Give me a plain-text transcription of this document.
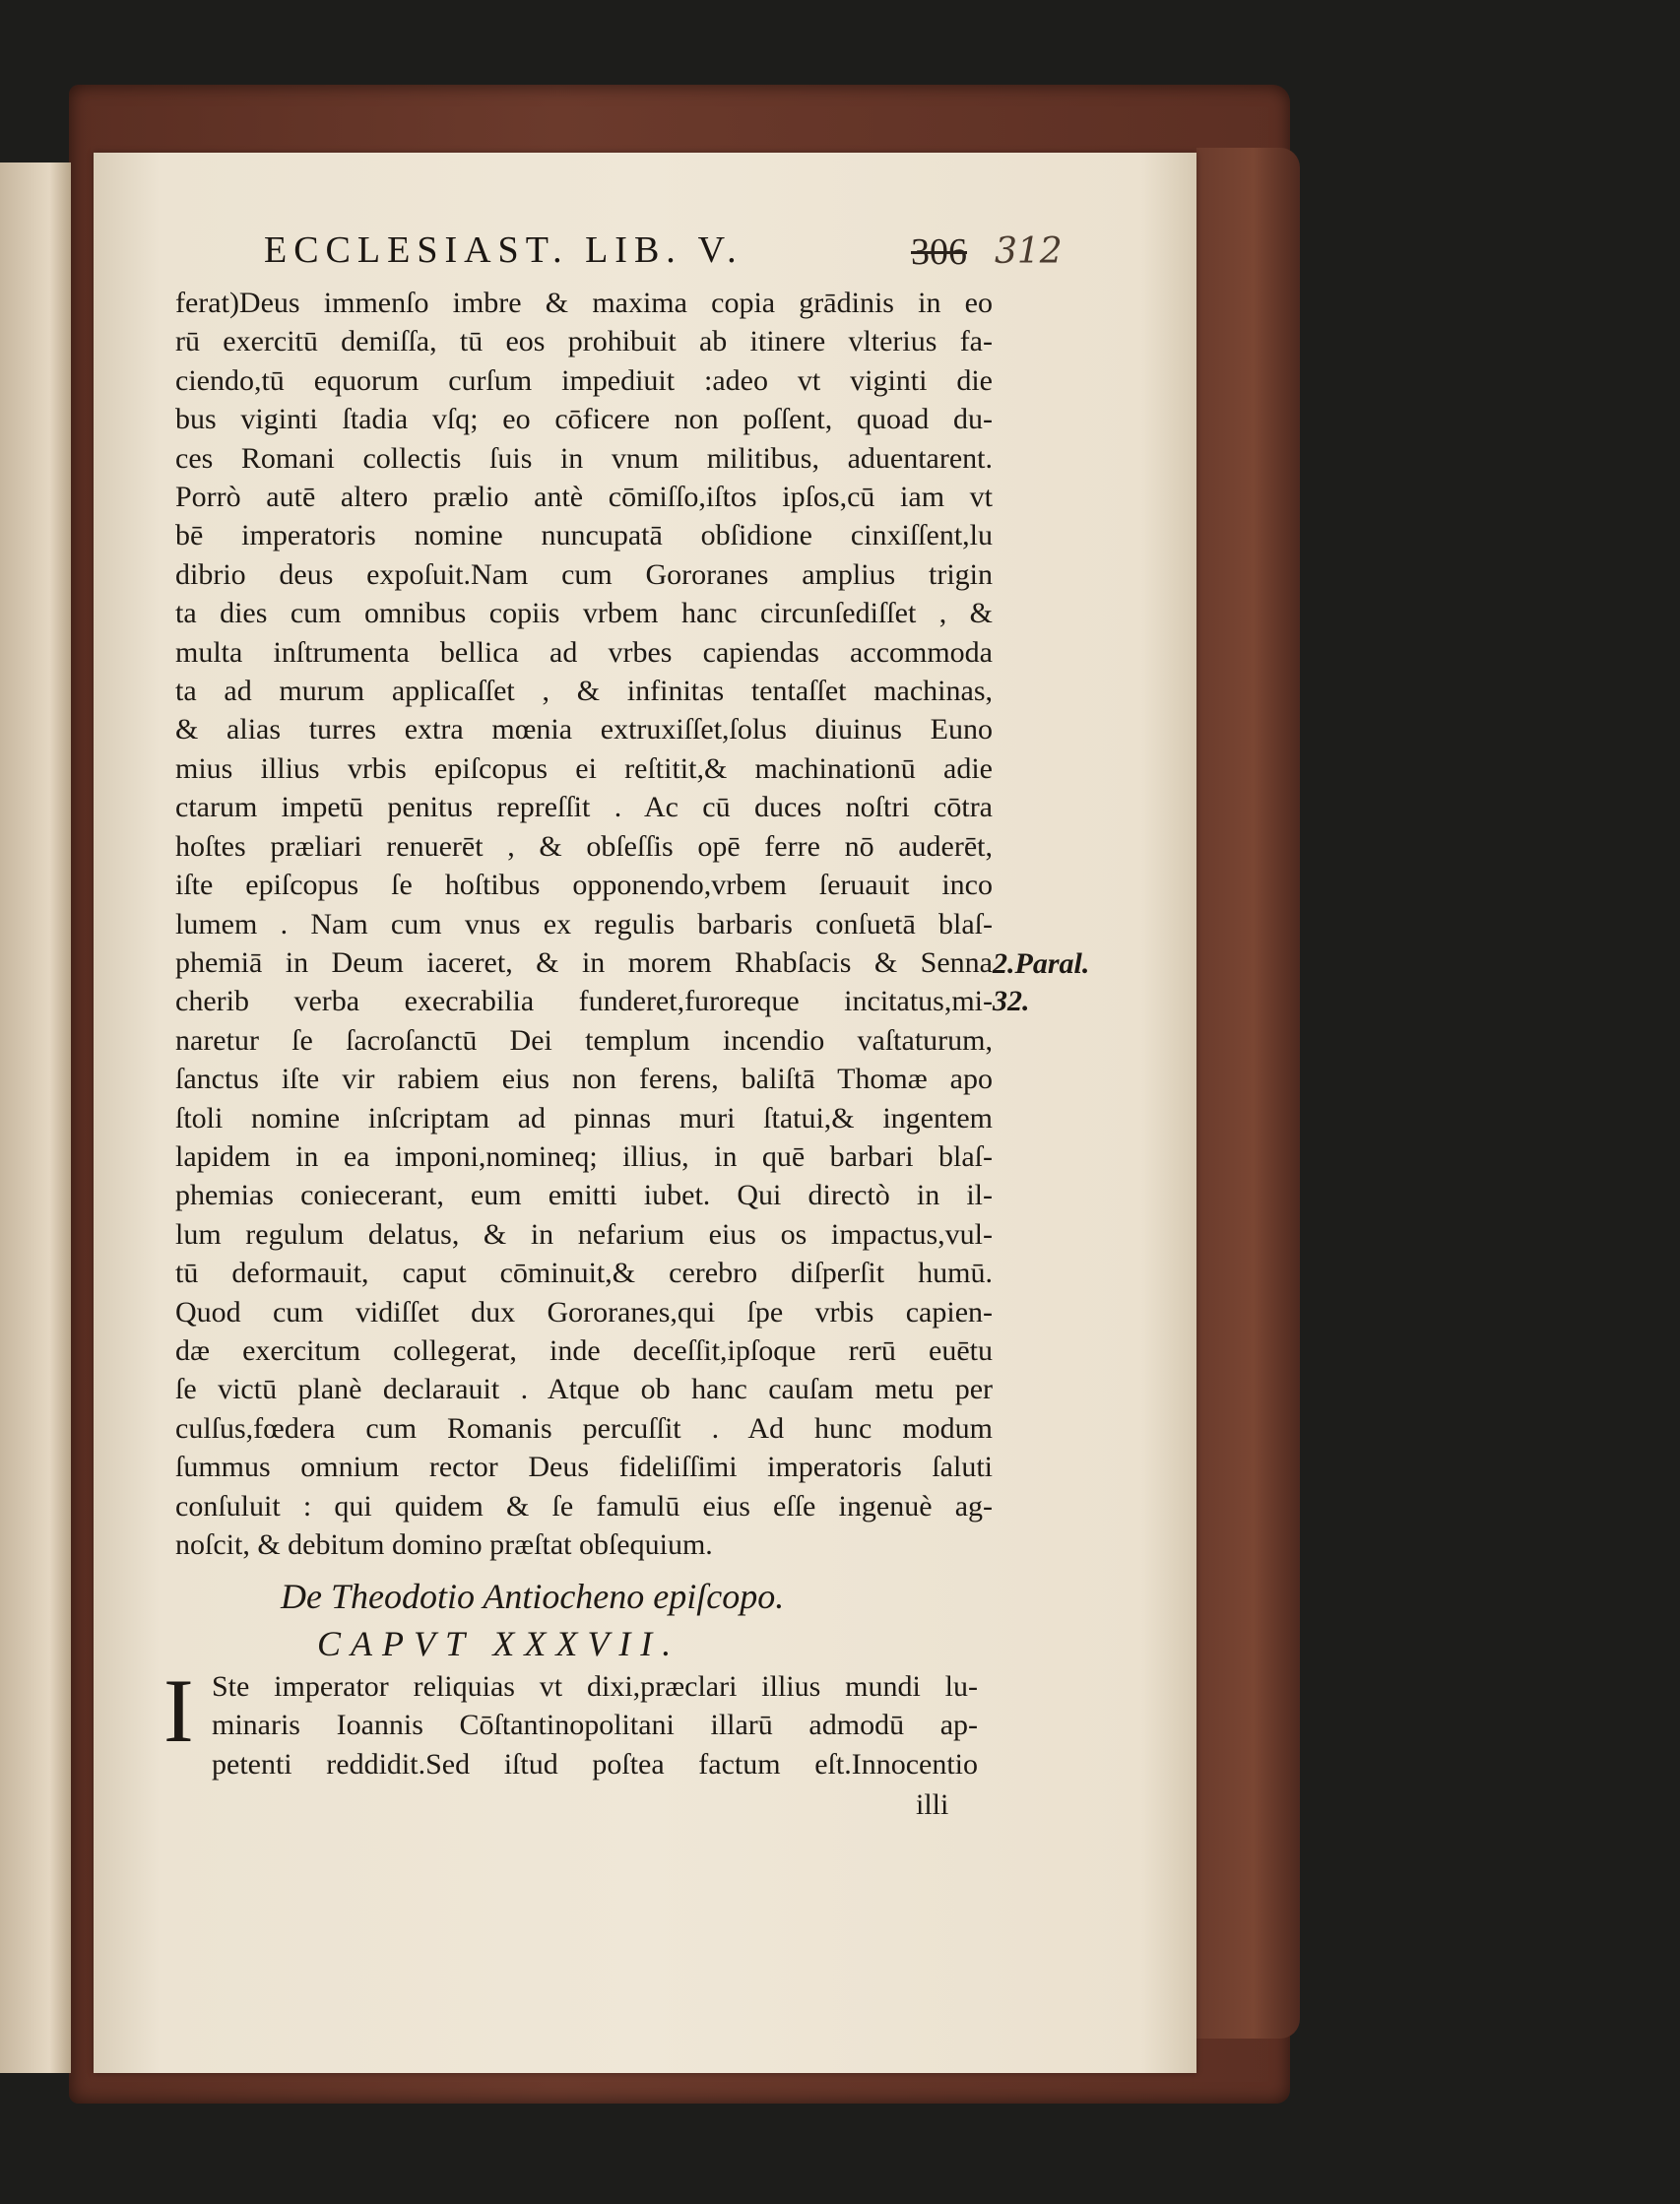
ECCLESIAST. LIB. V.	306 312
ferat)Deus immenſo imbre & maxima copia grādinis in eo
rū exercitū demiſſa, tū eos prohibuit ab itinere vlterius fa-
ciendo,tū equorum curſum impediuit :adeo vt viginti die
bus viginti ſtadia vſq; eo cōficere non poſſent, quoad du-
ces Romani collectis ſuis in vnum militibus, aduentarent.
Porrò autē altero prælio antè cōmiſſo,iſtos ipſos,cū iam vt
bē imperatoris nomine nuncupatā obſidione cinxiſſent,lu
dibrio deus expoſuit.Nam cum Gororanes amplius trigin
ta dies cum omnibus copiis vrbem hanc circunſediſſet , &
multa inſtrumenta bellica ad vrbes capiendas accommoda
ta ad murum applicaſſet , & infinitas tentaſſet machinas,
& alias turres extra mœnia extruxiſſet,ſolus diuinus Euno
mius illius vrbis epiſcopus ei reſtitit,& machinationū adie
ctarum impetū penitus repreſſit . Ac cū duces noſtri cōtra
hoſtes præliari renuerēt , & obſeſſis opē ferre nō auderēt,
iſte epiſcopus ſe hoſtibus opponendo,vrbem ſeruauit inco
lumem . Nam cum vnus ex regulis barbaris conſuetā blaſ-
phemiā in Deum iaceret, & in morem Rhabſacis & Senna
cherib verba execrabilia funderet,furoreque incitatus,mi-
naretur ſe ſacroſanctū Dei templum incendio vaſtaturum,
ſanctus iſte vir rabiem eius non ferens, baliſtā Thomæ apo
ſtoli nomine inſcriptam ad pinnas muri ſtatui,& ingentem
lapidem in ea imponi,nomineq; illius, in quē barbari blaſ-
phemias coniecerant, eum emitti iubet. Qui directò in il-
lum regulum delatus, & in nefarium eius os impactus,vul-
tū deformauit, caput cōminuit,& cerebro diſperſit humū.
Quod cum vidiſſet dux Gororanes,qui ſpe vrbis capien-
dæ exercitum collegerat, inde deceſſit,ipſoque rerū euētu
ſe victū planè declarauit . Atque ob hanc cauſam metu per
culſus,fœdera cum Romanis percuſſit . Ad hunc modum
ſummus omnium rector Deus fideliſſimi imperatoris ſaluti
conſuluit : qui quidem & ſe famulū eius eſſe ingenuè ag-
noſcit, & debitum domino præſtat obſequium.
2.Paral.
32.
De Theodotio Antiocheno epiſcopo.
CAPVT XXXVII.
I Ste imperator reliquias vt dixi,præclari illius mundi lu-
minaris Ioannis Cōſtantinopolitani illarū admodū ap-
petenti reddidit.Sed iſtud poſtea factum eſt.Innocentio
illi
